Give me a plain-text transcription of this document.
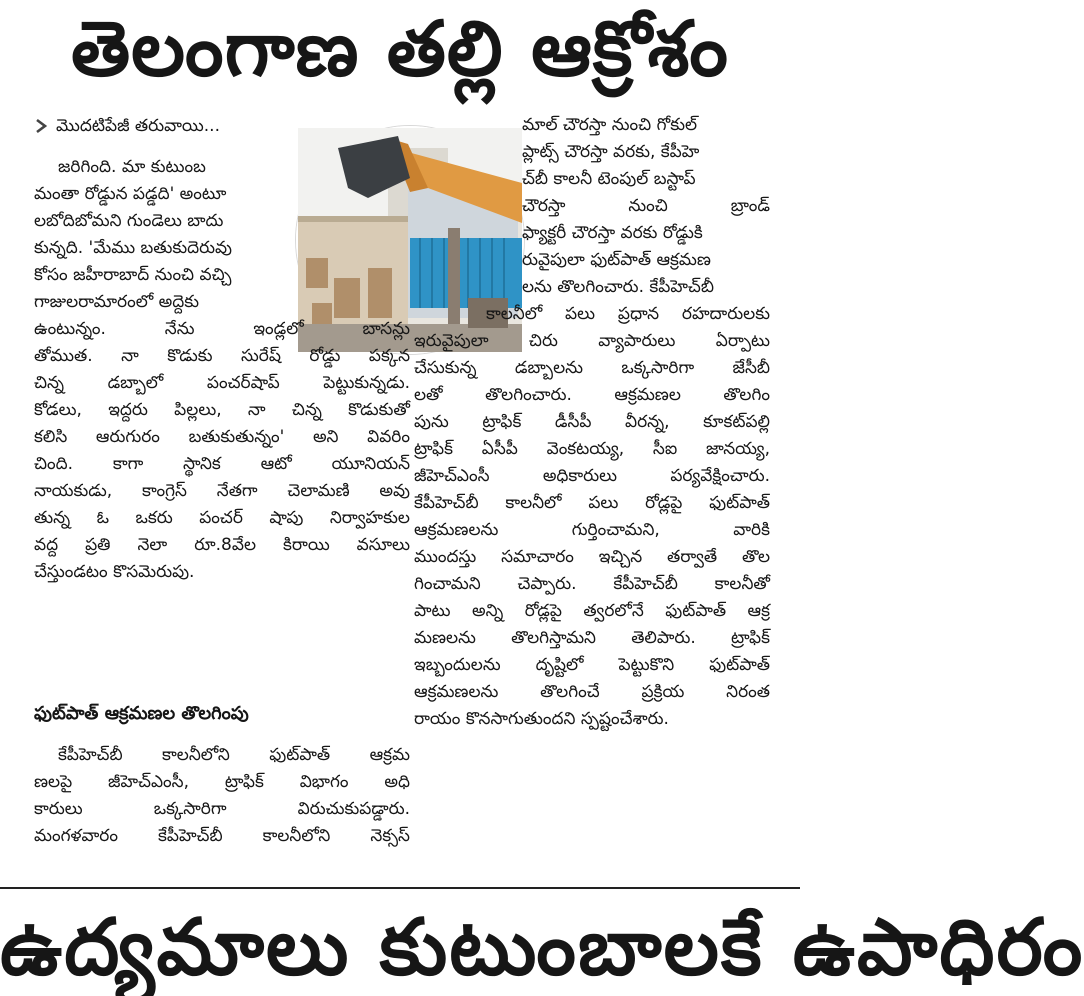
తెలంగాణ తల్లి ఆక్రోశం
మొదటిపేజీ తరువాయి...
జరిగింది. మా కుటుంబ
మంతా రోడ్డున పడ్డది' అంటూ
లబోదిబోమని గుండెలు బాదు
కున్నది. 'మేము బతుకుదెరువు
కోసం జహీరాబాద్ నుంచి వచ్చి
గాజులరామారంలో అద్దెకు
ఉంటున్నం. నేను ఇండ్లలో బాసన్లు
తోముత. నా కొడుకు సురేష్ రోడ్డు పక్కన
చిన్న డబ్బాలో పంచర్‌షాప్ పెట్టుకున్నడు.
కోడలు, ఇద్దరు పిల్లలు, నా చిన్న కొడుకుతో
కలిసి ఆరుగురం బతుకుతున్నం' అని వివరిం
చింది. కాగా స్థానిక ఆటో యూనియన్
నాయకుడు, కాంగ్రెస్ నేతగా చెలామణి అవు
తున్న ఓ ఒకరు పంచర్ షాపు నిర్వాహకుల
వద్ద ప్రతి నెలా రూ.8వేల కిరాయి వసూలు
చేస్తుండటం కొసమెరుపు.
ఫుట్‌పాత్ ఆక్రమణల తొలగింపు
కేపీహెచ్‌బీ కాలనీలోని ఫుట్‌పాత్ ఆక్రమ
ణలపై జీహెచ్‌ఎంసీ, ట్రాఫిక్ విభాగం అధి
కారులు ఒక్కసారిగా విరుచుకుపడ్డారు.
మంగళవారం కేపీహెచ్‌బీ కాలనీలోని నెక్సస్
మాల్ చౌరస్తా నుంచి గోకుల్
ప్లాట్స్ చౌరస్తా వరకు, కేపీహె
చ్‌బీ కాలనీ టెంపుల్ బస్టాప్
చౌరస్తా నుంచి బ్రాండ్
ఫ్యాక్టరీ చౌరస్తా వరకు రోడ్డుకి
రువైపులా ఫుట్‌పాత్ ఆక్రమణ
లను తొలగించారు. కేపీహెచ్‌బీ
కాలనీలో పలు ప్రధాన రహదారులకు
ఇరువైపులా చిరు వ్యాపారులు ఏర్పాటు
చేసుకున్న డబ్బాలను ఒక్కసారిగా జేసీబీ
లతో తొలగించారు. ఆక్రమణల తొలగిం
పును ట్రాఫిక్ డీసీపీ వీరన్న, కూకట్‌పల్లి
ట్రాఫిక్ ఏసీపీ వెంకటయ్య, సీఐ జానయ్య,
జీహెచ్‌ఎంసీ అధికారులు పర్యవేక్షించారు.
కేపీహెచ్‌బీ కాలనీలో పలు రోడ్లపై ఫుట్‌పాత్
ఆక్రమణలను గుర్తించామని, వారికి
ముందస్తు సమాచారం ఇచ్చిన తర్వాతే తొల
గించామని చెప్పారు. కేపీహెచ్‌బీ కాలనీతో
పాటు అన్ని రోడ్లపై త్వరలోనే ఫుట్‌పాత్ ఆక్ర
మణలను తొలగిస్తామని తెలిపారు. ట్రాఫిక్
ఇబ్బందులను దృష్టిలో పెట్టుకొని ఫుట్‌పాత్
ఆక్రమణలను తొలగించే ప్రక్రియ నిరంత
రాయం కొనసాగుతుందని స్పష్టంచేశారు.
ఉద్యమాలు కుటుంబాలకే ఉపాధిరం
